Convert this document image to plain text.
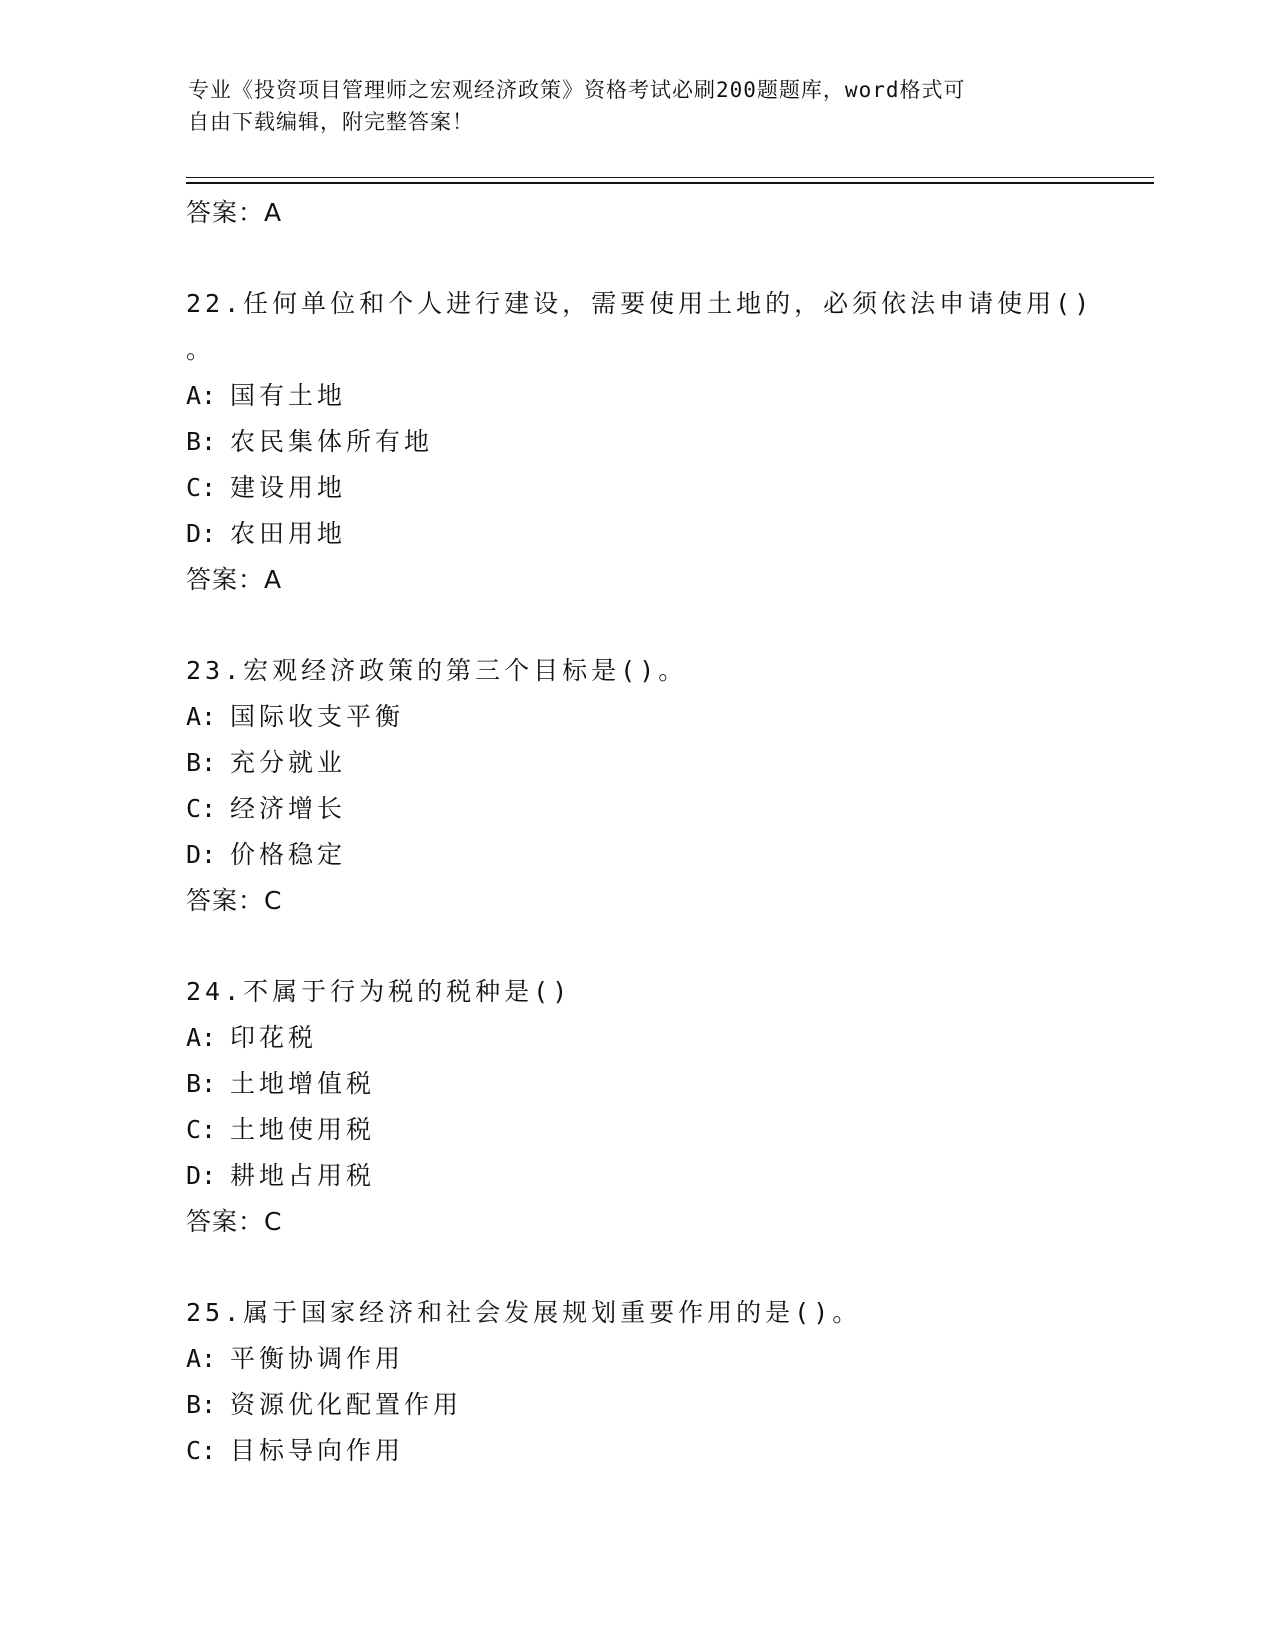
专业《投资项目管理师之宏观经济政策》资格考试必刷200题题库，word格式可
自由下载编辑，附完整答案！
答案：A
22.任何单位和个人进行建设，需要使用土地的，必须依法申请使用()
。
A: 国有土地
B: 农民集体所有地
C: 建设用地
D: 农田用地
答案：A
23.宏观经济政策的第三个目标是()。
A: 国际收支平衡
B: 充分就业
C: 经济增长
D: 价格稳定
答案：C
24.不属于行为税的税种是()
A: 印花税
B: 土地增值税
C: 土地使用税
D: 耕地占用税
答案：C
25.属于国家经济和社会发展规划重要作用的是()。
A: 平衡协调作用
B: 资源优化配置作用
C: 目标导向作用
